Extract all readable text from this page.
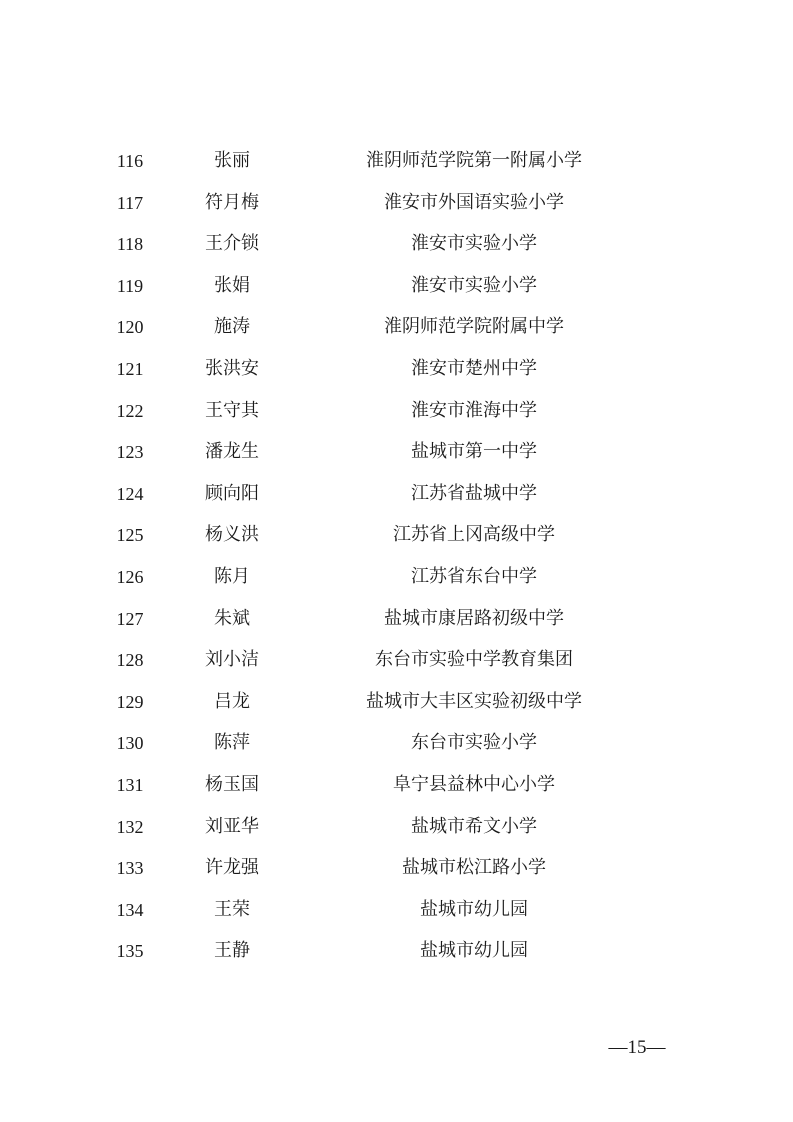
116	张丽	淮阴师范学院第一附属小学
117	符月梅	淮安市外国语实验小学
118	王介锁	淮安市实验小学
119	张娟	淮安市实验小学
120	施涛	淮阴师范学院附属中学
121	张洪安	淮安市楚州中学
122	王守其	淮安市淮海中学
123	潘龙生	盐城市第一中学
124	顾向阳	江苏省盐城中学
125	杨义洪	江苏省上冈高级中学
126	陈月	江苏省东台中学
127	朱斌	盐城市康居路初级中学
128	刘小洁	东台市实验中学教育集团
129	吕龙	盐城市大丰区实验初级中学
130	陈萍	东台市实验小学
131	杨玉国	阜宁县益林中心小学
132	刘亚华	盐城市希文小学
133	许龙强	盐城市松江路小学
134	王荣	盐城市幼儿园
135	王静	盐城市幼儿园
—15—
